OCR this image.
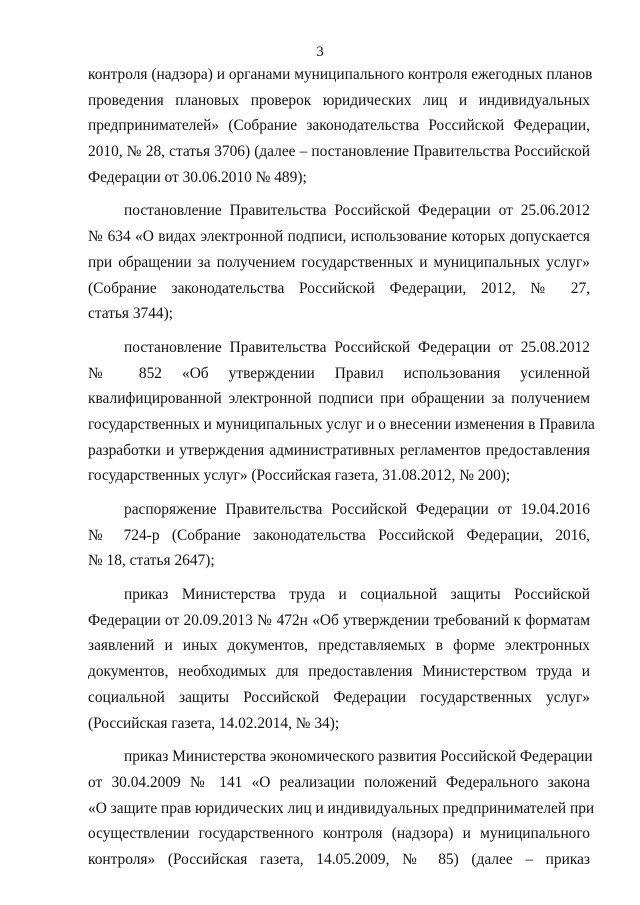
3
контроля (надзора) и органами муниципального контроля ежегодных планов
проведения плановых проверок юридических лиц и индивидуальных
предпринимателей» (Собрание законодательства Российской Федерации,
2010, № 28, статья 3706) (далее – постановление Правительства Российской
Федерации от 30.06.2010 № 489);
постановление Правительства Российской Федерации от 25.06.2012
№ 634 «О видах электронной подписи, использование которых допускается
при обращении за получением государственных и муниципальных услуг»
(Собрание законодательства Российской Федерации, 2012, № 27,
статья 3744);
постановление Правительства Российской Федерации от 25.08.2012
№ 852 «Об утверждении Правил использования усиленной
квалифицированной электронной подписи при обращении за получением
государственных и муниципальных услуг и о внесении изменения в Правила
разработки и утверждения административных регламентов предоставления
государственных услуг» (Российская газета, 31.08.2012, № 200);
распоряжение Правительства Российской Федерации от 19.04.2016
№ 724-р (Собрание законодательства Российской Федерации, 2016,
№ 18, статья 2647);
приказ Министерства труда и социальной защиты Российской
Федерации от 20.09.2013 № 472н «Об утверждении требований к форматам
заявлений и иных документов, представляемых в форме электронных
документов, необходимых для предоставления Министерством труда и
социальной защиты Российской Федерации государственных услуг»
(Российская газета, 14.02.2014, № 34);
приказ Министерства экономического развития Российской Федерации
от 30.04.2009 № 141 «О реализации положений Федерального закона
«О защите прав юридических лиц и индивидуальных предпринимателей при
осуществлении государственного контроля (надзора) и муниципального
контроля» (Российская газета, 14.05.2009, № 85) (далее – приказ
